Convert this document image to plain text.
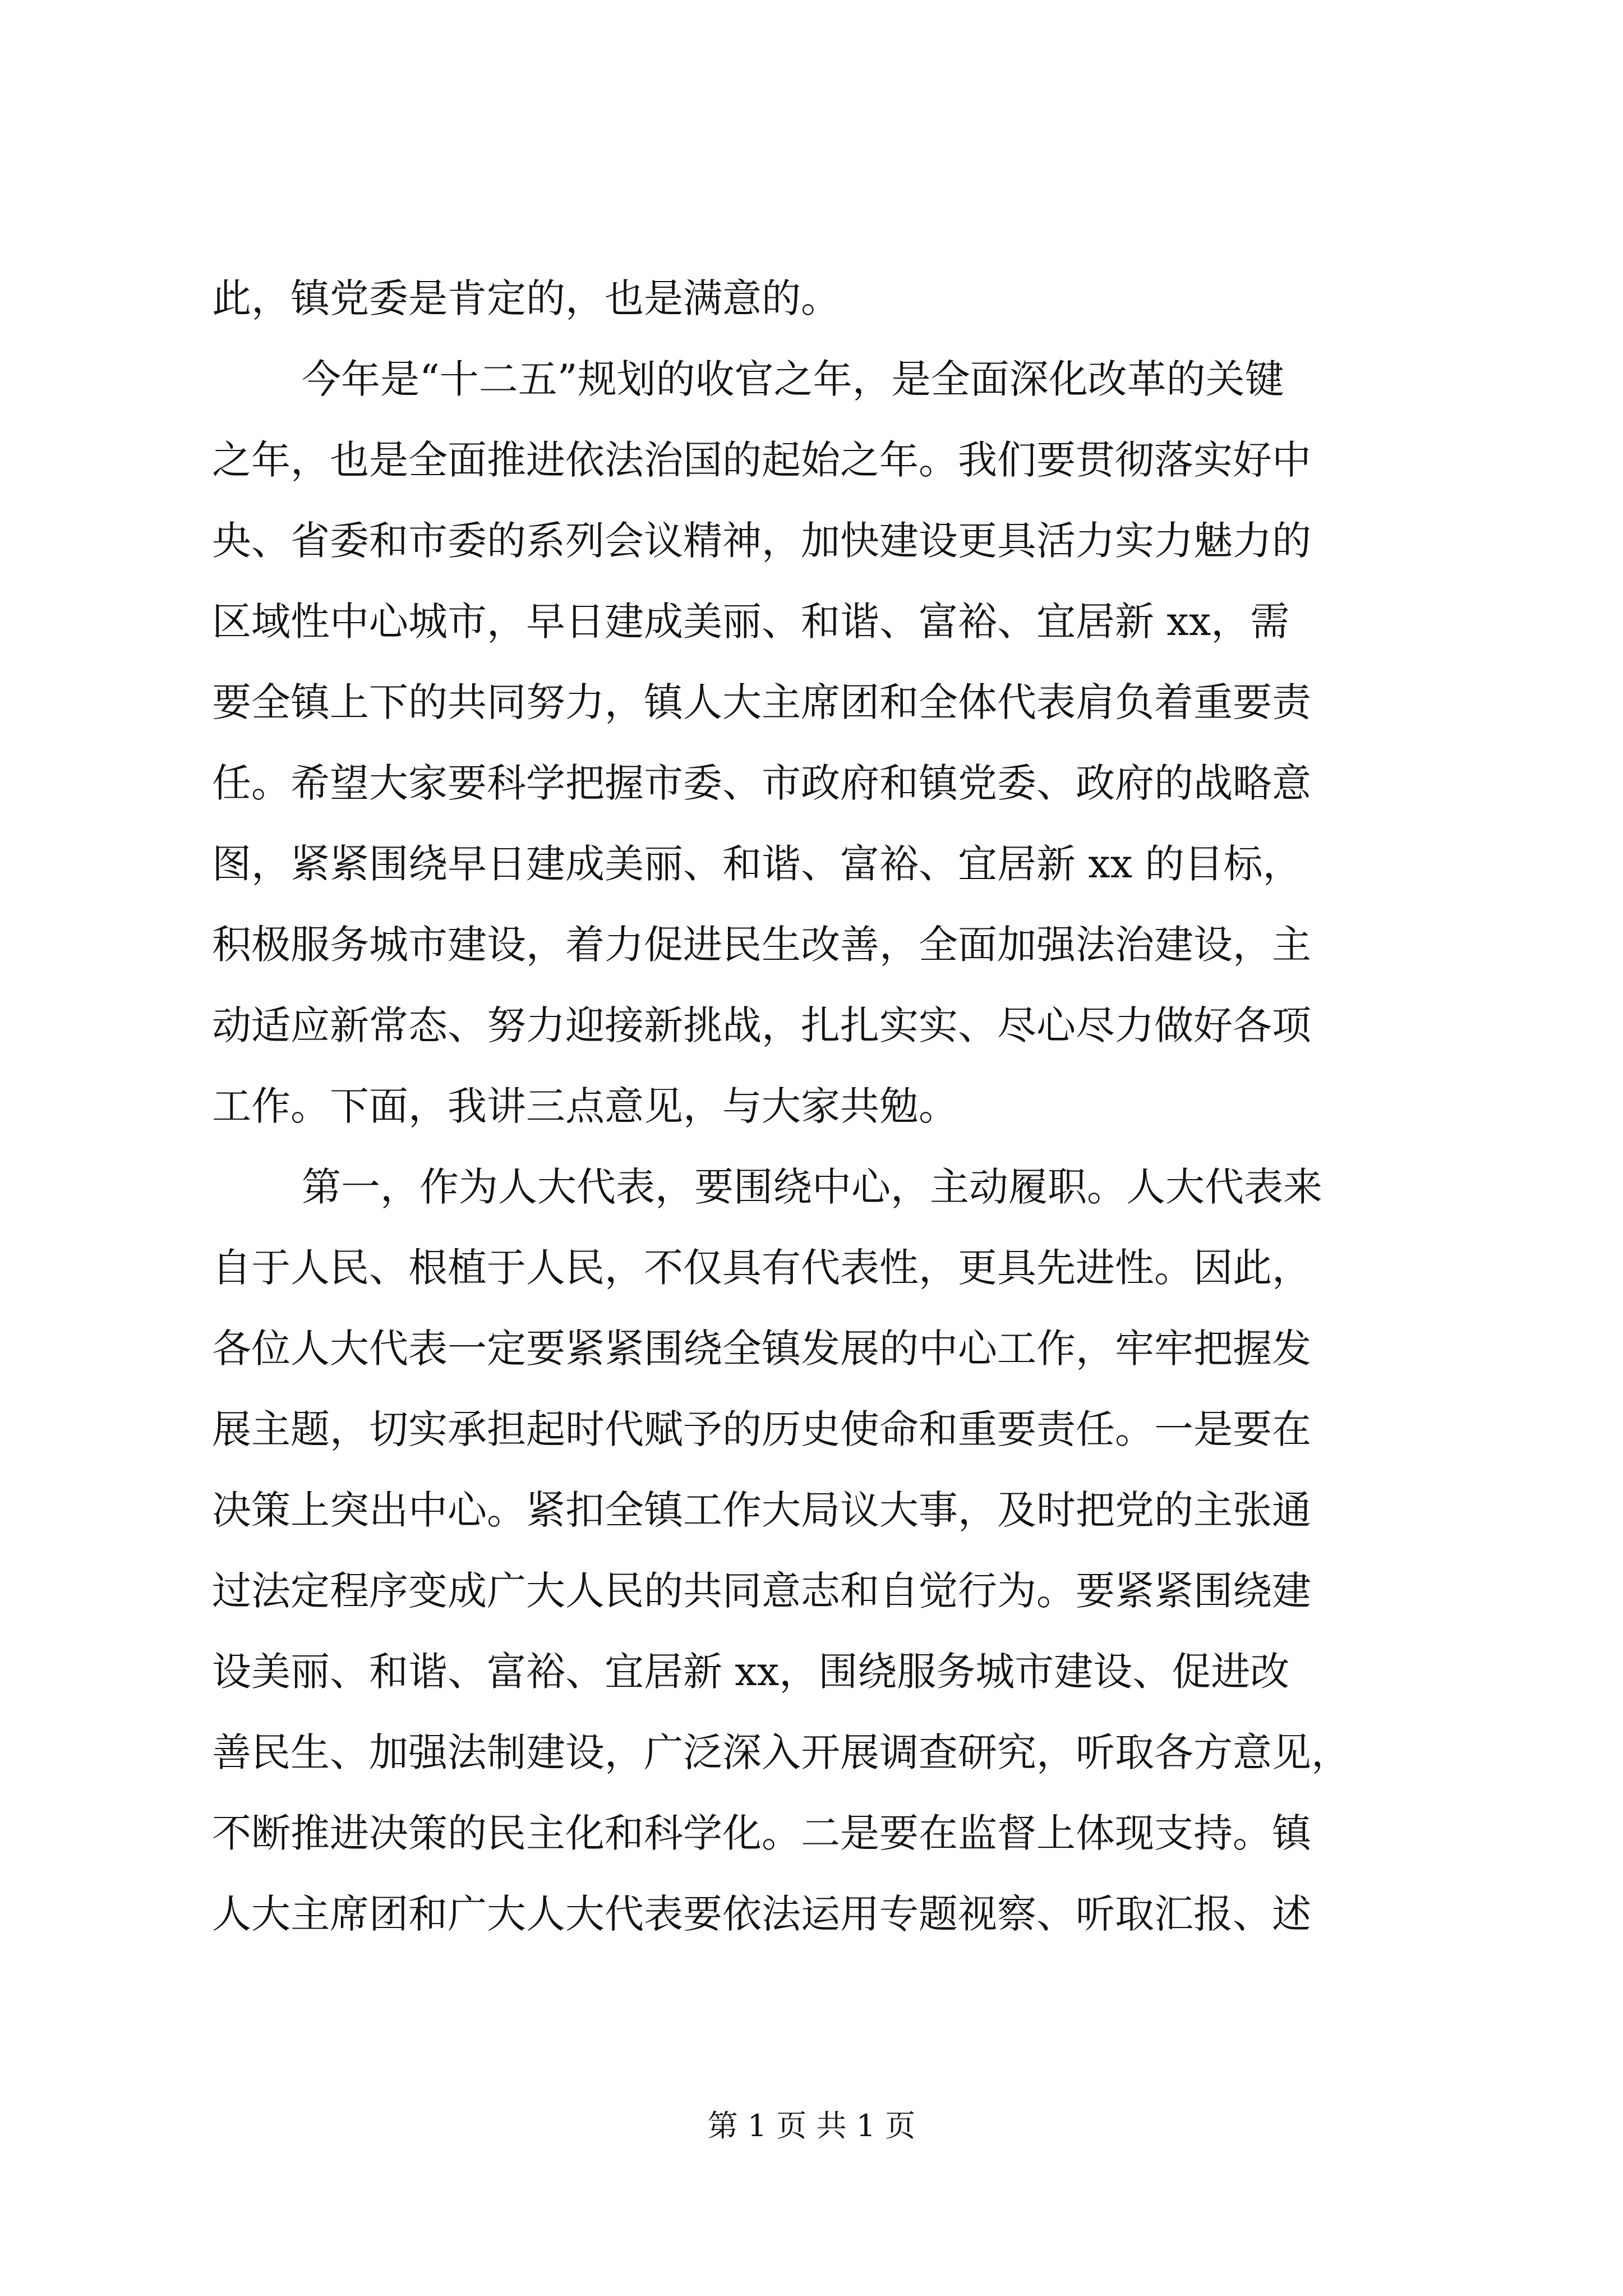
此，镇党委是肯定的，也是满意的。
今年是“十二五”规划的收官之年，是全面深化改革的关键
之年，也是全面推进依法治国的起始之年。我们要贯彻落实好中
央、省委和市委的系列会议精神，加快建设更具活力实力魅力的
区域性中心城市，早日建成美丽、和谐、富裕、宜居新 xx，需
要全镇上下的共同努力，镇人大主席团和全体代表肩负着重要责
任。希望大家要科学把握市委、市政府和镇党委、政府的战略意
图，紧紧围绕早日建成美丽、和谐、富裕、宜居新 xx 的目标，
积极服务城市建设，着力促进民生改善，全面加强法治建设，主
动适应新常态、努力迎接新挑战，扎扎实实、尽心尽力做好各项
工作。下面，我讲三点意见，与大家共勉。
第一，作为人大代表，要围绕中心，主动履职。人大代表来
自于人民、根植于人民，不仅具有代表性，更具先进性。因此，
各位人大代表一定要紧紧围绕全镇发展的中心工作，牢牢把握发
展主题，切实承担起时代赋予的历史使命和重要责任。一是要在
决策上突出中心。紧扣全镇工作大局议大事，及时把党的主张通
过法定程序变成广大人民的共同意志和自觉行为。要紧紧围绕建
设美丽、和谐、富裕、宜居新 xx，围绕服务城市建设、促进改
善民生、加强法制建设，广泛深入开展调查研究，听取各方意见，
不断推进决策的民主化和科学化。二是要在监督上体现支持。镇
人大主席团和广大人大代表要依法运用专题视察、听取汇报、述
第 1 页 共 1 页
